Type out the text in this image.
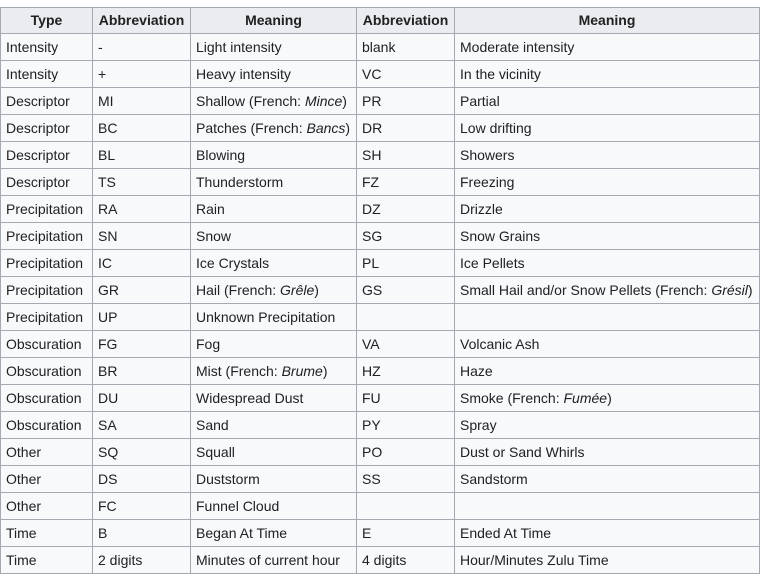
Type	Abbreviation	Meaning	Abbreviation	Meaning
Intensity	-	Light intensity	blank	Moderate intensity
Intensity	+	Heavy intensity	VC	In the vicinity
Descriptor	MI	Shallow (French: Mince)	PR	Partial
Descriptor	BC	Patches (French: Bancs)	DR	Low drifting
Descriptor	BL	Blowing	SH	Showers
Descriptor	TS	Thunderstorm	FZ	Freezing
Precipitation	RA	Rain	DZ	Drizzle
Precipitation	SN	Snow	SG	Snow Grains
Precipitation	IC	Ice Crystals	PL	Ice Pellets
Precipitation	GR	Hail (French: Grêle)	GS	Small Hail and/or Snow Pellets (French: Grésil)
Precipitation	UP	Unknown Precipitation		
Obscuration	FG	Fog	VA	Volcanic Ash
Obscuration	BR	Mist (French: Brume)	HZ	Haze
Obscuration	DU	Widespread Dust	FU	Smoke (French: Fumée)
Obscuration	SA	Sand	PY	Spray
Other	SQ	Squall	PO	Dust or Sand Whirls
Other	DS	Duststorm	SS	Sandstorm
Other	FC	Funnel Cloud		
Time	B	Began At Time	E	Ended At Time
Time	2 digits	Minutes of current hour	4 digits	Hour/Minutes Zulu Time
